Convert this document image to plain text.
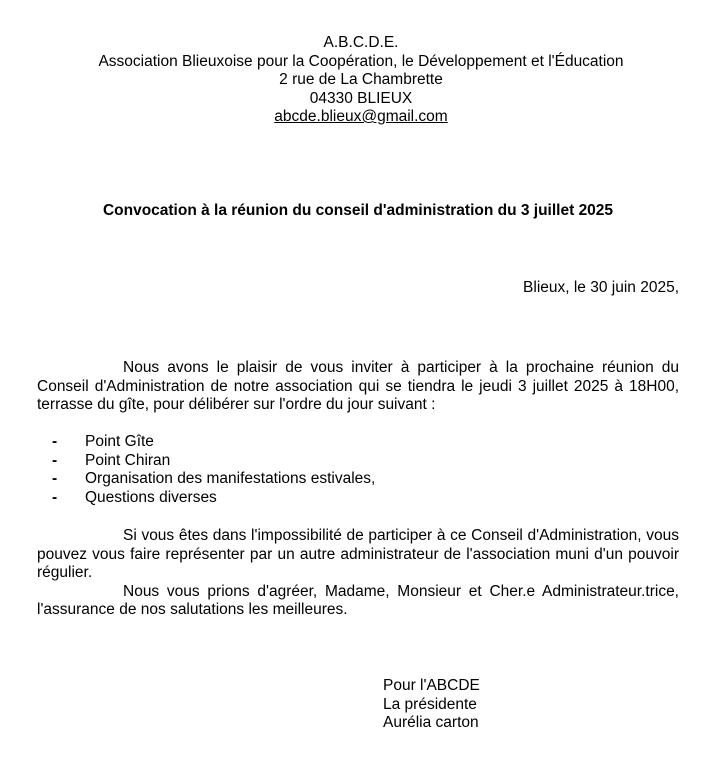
A.B.C.D.E.
Association Blieuxoise pour la Coopération, le Développement et l'Éducation
2 rue de La Chambrette
04330 BLIEUX
abcde.blieux@gmail.com
Convocation à la réunion du conseil d'administration du 3 juillet 2025
Blieux, le 30 juin 2025,

Nous avons le plaisir de vous inviter à participer à la prochaine réunion du Conseil d'Administration de notre association qui se tiendra le jeudi 3 juillet 2025 à 18H00, terrasse du gîte, pour délibérer sur l'ordre du jour suivant :

- Point Gîte
- Point Chiran
- Organisation des manifestations estivales,
- Questions diverses

Si vous êtes dans l'impossibilité de participer à ce Conseil d'Administration, vous pouvez vous faire représenter par un autre administrateur de l'association muni d'un pouvoir régulier.

Nous vous prions d'agréer, Madame, Monsieur et Cher.e Administrateur.trice, l'assurance de nos salutations les meilleures.

Pour l'ABCDE
La présidente
Aurélia carton
